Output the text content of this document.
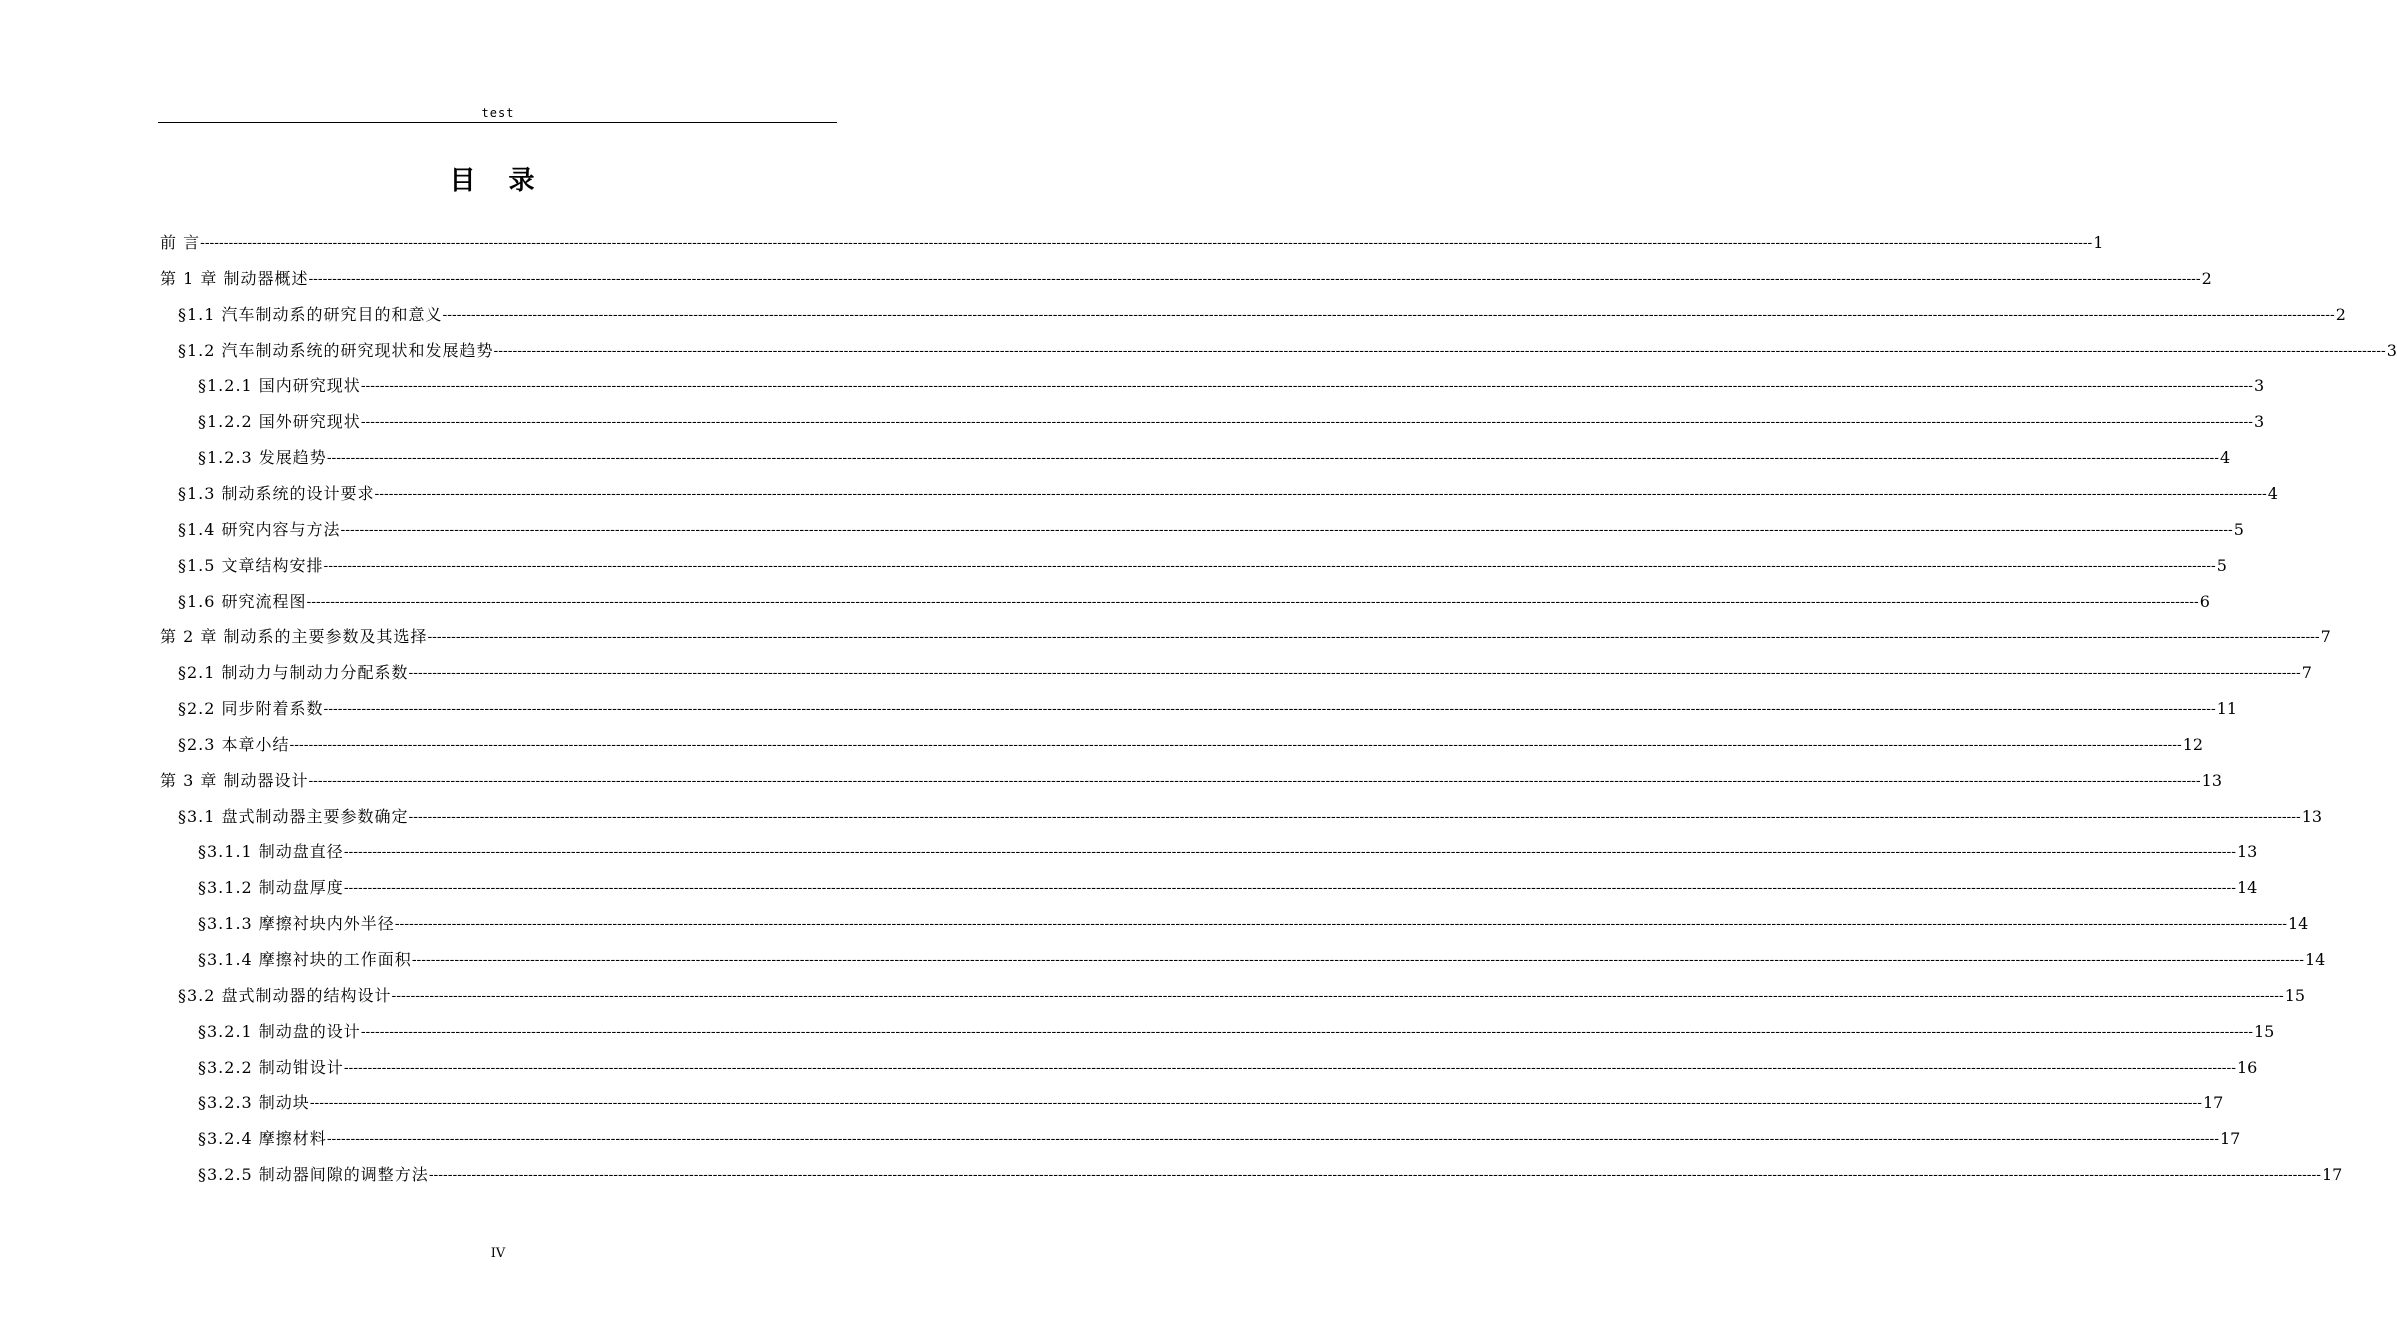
test
目 录
前 言 ---------------------------------------------------------------------------------------------------------------------------------------------------------------------------------------------------------------------------------------------------------------------------------------------------------------------------------------------------------------------------------------------------------------- 1
第 1 章 制动器概述 ---------------------------------------------------------------------------------------------------------------------------------------------------------------------------------------------------------------------------------------------------------------------------------------------------------------------------------------------------------------------------------------------------------------- 2
§1.1 汽车制动系的研究目的和意义 ---------------------------------------------------------------------------------------------------------------------------------------------------------------------------------------------------------------------------------------------------------------------------------------------------------------------------------------------------------------------------------------------------------------- 2
§1.2 汽车制动系统的研究现状和发展趋势 ---------------------------------------------------------------------------------------------------------------------------------------------------------------------------------------------------------------------------------------------------------------------------------------------------------------------------------------------------------------------------------------------------------------- 3
§1.2.1 国内研究现状 ---------------------------------------------------------------------------------------------------------------------------------------------------------------------------------------------------------------------------------------------------------------------------------------------------------------------------------------------------------------------------------------------------------------- 3
§1.2.2 国外研究现状 ---------------------------------------------------------------------------------------------------------------------------------------------------------------------------------------------------------------------------------------------------------------------------------------------------------------------------------------------------------------------------------------------------------------- 3
§1.2.3 发展趋势 ---------------------------------------------------------------------------------------------------------------------------------------------------------------------------------------------------------------------------------------------------------------------------------------------------------------------------------------------------------------------------------------------------------------- 4
§1.3 制动系统的设计要求 ---------------------------------------------------------------------------------------------------------------------------------------------------------------------------------------------------------------------------------------------------------------------------------------------------------------------------------------------------------------------------------------------------------------- 4
§1.4 研究内容与方法 ---------------------------------------------------------------------------------------------------------------------------------------------------------------------------------------------------------------------------------------------------------------------------------------------------------------------------------------------------------------------------------------------------------------- 5
§1.5 文章结构安排 ---------------------------------------------------------------------------------------------------------------------------------------------------------------------------------------------------------------------------------------------------------------------------------------------------------------------------------------------------------------------------------------------------------------- 5
§1.6 研究流程图 ---------------------------------------------------------------------------------------------------------------------------------------------------------------------------------------------------------------------------------------------------------------------------------------------------------------------------------------------------------------------------------------------------------------- 6
第 2 章 制动系的主要参数及其选择 ---------------------------------------------------------------------------------------------------------------------------------------------------------------------------------------------------------------------------------------------------------------------------------------------------------------------------------------------------------------------------------------------------------------- 7
§2.1 制动力与制动力分配系数 ---------------------------------------------------------------------------------------------------------------------------------------------------------------------------------------------------------------------------------------------------------------------------------------------------------------------------------------------------------------------------------------------------------------- 7
§2.2 同步附着系数 ---------------------------------------------------------------------------------------------------------------------------------------------------------------------------------------------------------------------------------------------------------------------------------------------------------------------------------------------------------------------------------------------------------------- 11
§2.3 本章小结 ---------------------------------------------------------------------------------------------------------------------------------------------------------------------------------------------------------------------------------------------------------------------------------------------------------------------------------------------------------------------------------------------------------------- 12
第 3 章 制动器设计 ---------------------------------------------------------------------------------------------------------------------------------------------------------------------------------------------------------------------------------------------------------------------------------------------------------------------------------------------------------------------------------------------------------------- 13
§3.1 盘式制动器主要参数确定 ---------------------------------------------------------------------------------------------------------------------------------------------------------------------------------------------------------------------------------------------------------------------------------------------------------------------------------------------------------------------------------------------------------------- 13
§3.1.1 制动盘直径 ---------------------------------------------------------------------------------------------------------------------------------------------------------------------------------------------------------------------------------------------------------------------------------------------------------------------------------------------------------------------------------------------------------------- 13
§3.1.2 制动盘厚度 ---------------------------------------------------------------------------------------------------------------------------------------------------------------------------------------------------------------------------------------------------------------------------------------------------------------------------------------------------------------------------------------------------------------- 14
§3.1.3 摩擦衬块内外半径 ---------------------------------------------------------------------------------------------------------------------------------------------------------------------------------------------------------------------------------------------------------------------------------------------------------------------------------------------------------------------------------------------------------------- 14
§3.1.4 摩擦衬块的工作面积 ---------------------------------------------------------------------------------------------------------------------------------------------------------------------------------------------------------------------------------------------------------------------------------------------------------------------------------------------------------------------------------------------------------------- 14
§3.2 盘式制动器的结构设计 ---------------------------------------------------------------------------------------------------------------------------------------------------------------------------------------------------------------------------------------------------------------------------------------------------------------------------------------------------------------------------------------------------------------- 15
§3.2.1 制动盘的设计 ---------------------------------------------------------------------------------------------------------------------------------------------------------------------------------------------------------------------------------------------------------------------------------------------------------------------------------------------------------------------------------------------------------------- 15
§3.2.2 制动钳设计 ---------------------------------------------------------------------------------------------------------------------------------------------------------------------------------------------------------------------------------------------------------------------------------------------------------------------------------------------------------------------------------------------------------------- 16
§3.2.3 制动块 ---------------------------------------------------------------------------------------------------------------------------------------------------------------------------------------------------------------------------------------------------------------------------------------------------------------------------------------------------------------------------------------------------------------- 17
§3.2.4 摩擦材料 ---------------------------------------------------------------------------------------------------------------------------------------------------------------------------------------------------------------------------------------------------------------------------------------------------------------------------------------------------------------------------------------------------------------- 17
§3.2.5 制动器间隙的调整方法 ---------------------------------------------------------------------------------------------------------------------------------------------------------------------------------------------------------------------------------------------------------------------------------------------------------------------------------------------------------------------------------------------------------------- 17
IV
